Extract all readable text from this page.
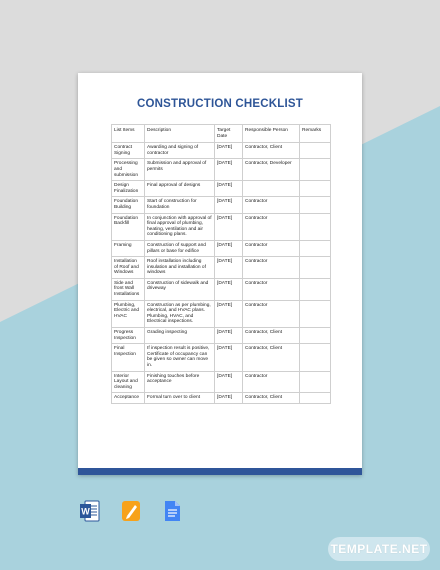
CONSTRUCTION CHECKLIST
List Items	Description	Target Date	Responsible Person	Remarks
Contract Signing	Awarding and signing of contractor	[DATE]	Contractor, Client	
Processing and submission	Submission and approval of permits	[DATE]	Contractor, Developer	
Design Finalization	Final approval of designs	[DATE]		
Foundation Building	Start of construction for foundation	[DATE]	Contractor	
Foundation Backfill	In conjunction with approval of final approval of plumbing, heating, ventilation and air conditioning plans.	[DATE]	Contractor	
Framing	Construction of support and pillars or base for edifice	[DATE]	Contractor	
Installation of Roof and Windows	Roof installation including insulation and installation of windows	[DATE]	Contractor	
Side and front Wall Installations	Construction of sidewalk and driveway	[DATE]	Contractor	
Plumbing, Electric and HVAC	Construction as per plumbing, electrical, and HVAC plans. Plumbing, HVAC, and Electrical inspections.	[DATE]	Contractor	
Progress Inspection	Grading inspecting	[DATE]	Contractor, Client	
Final Inspection	If inspection result is positive, Certificate of occupancy can be given so owner can move in.	[DATE]	Contractor, Client	
Interior Layout and cleaning	Finishing touches before acceptance	[DATE]	Contractor	
Acceptance	Formal turn over to client	[DATE]	Contractor, Client	
W
TEMPLATE.NET
